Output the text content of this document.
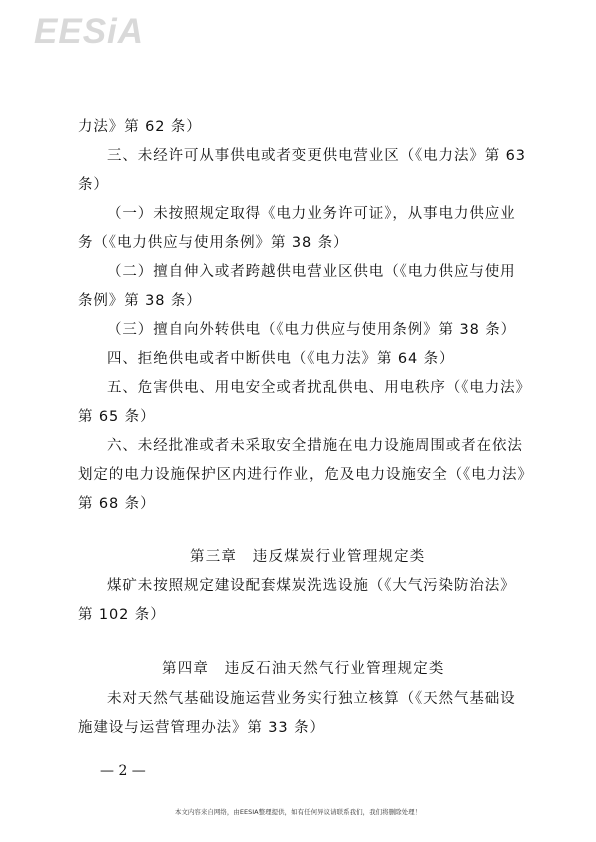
EESiA
力法》第 62 条）
三、未经许可从事供电或者变更供电营业区（《电力法》第 63
条）
（一）未按照规定取得《电力业务许可证》，从事电力供应业
务（《电力供应与使用条例》第 38 条）
（二）擅自伸入或者跨越供电营业区供电（《电力供应与使用
条例》第 38 条）
（三）擅自向外转供电（《电力供应与使用条例》第 38 条）
四、拒绝供电或者中断供电（《电力法》第 64 条）
五、危害供电、用电安全或者扰乱供电、用电秩序（《电力法》
第 65 条）
六、未经批准或者未采取安全措施在电力设施周围或者在依法
划定的电力设施保护区内进行作业，危及电力设施安全（《电力法》
第 68 条）
第三章　违反煤炭行业管理规定类
煤矿未按照规定建设配套煤炭洗选设施（《大气污染防治法》
第 102 条）
第四章　违反石油天然气行业管理规定类
未对天然气基础设施运营业务实行独立核算（《天然气基础设
施建设与运营管理办法》第 33 条）
— 2 —
本文内容来自网络，由EESIA整理提供，如有任何异议请联系我们，我们将删除处理！
